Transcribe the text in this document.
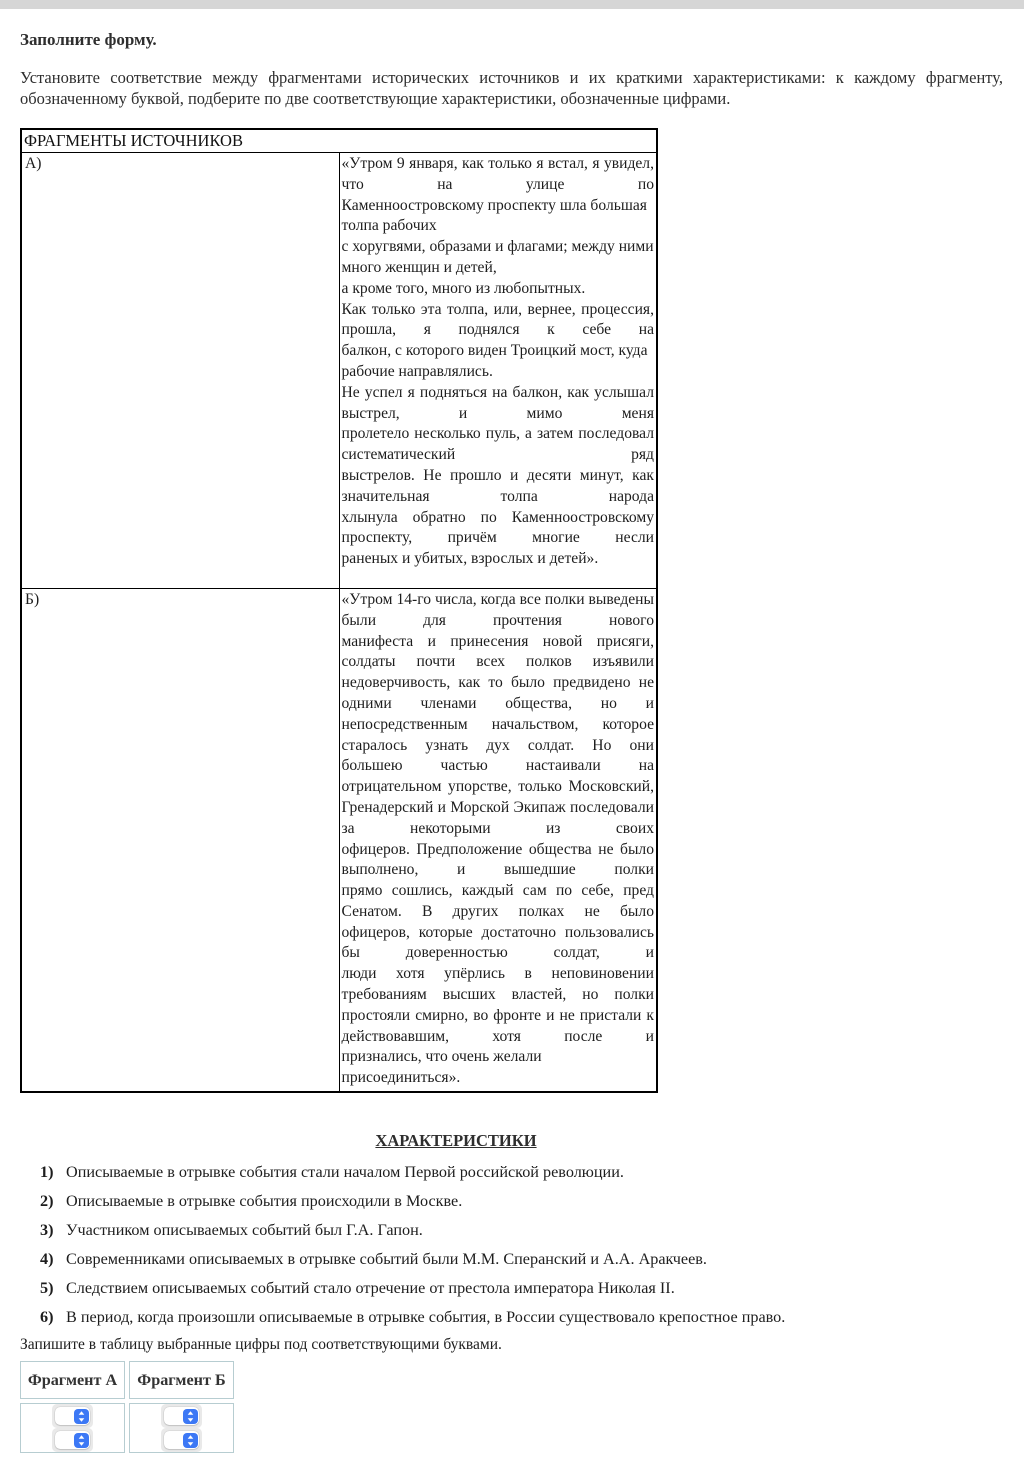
Заполните форму.

Установите соответствие между фрагментами исторических источников и их краткими характеристиками: к каждому фрагменту, обозначенному буквой, подберите по две соответствующие характеристики, обозначенные цифрами.

ФРАГМЕНТЫ ИСТОЧНИКОВ	
А)	«Утром 9 января, как только я встал, я увидел, что на улице по
Каменноостровскому проспекту шла большая толпа рабочих
с хоругвями, образами и флагами; между ними много женщин и детей,
а кроме того, много из любопытных.
Как только эта толпа, или, вернее, процессия, прошла, я поднялся к себе на
балкон, с которого виден Троицкий мост, куда рабочие направлялись.
Не успел я подняться на балкон, как услышал выстрел, и мимо меня
пролетело несколько пуль, а затем последовал систематический ряд
выстрелов. Не прошло и десяти минут, как значительная толпа народа
хлынула обратно по Каменноостровскому проспекту, причём многие несли
раненых и убитых, взрослых и детей».

Б)	«Утром 14-го числа, когда все полки выведены были для прочтения нового
манифеста и принесения новой присяги, солдаты почти всех полков изъявили
недоверчивость, как то было предвидено не одними членами общества, но и
непосредственным начальством, которое старалось узнать дух солдат. Но они
большею частью настаивали на отрицательном упорстве, только Московский,
Гренадерский и Морской Экипаж последовали за некоторыми из своих
офицеров. Предположение общества не было выполнено, и вышедшие полки
прямо сошлись, каждый сам по себе, пред Сенатом. В других полках не было
офицеров, которые достаточно пользовались бы доверенностью солдат, и
люди хотя упёрлись в неповиновении требованиям высших властей, но полки
простояли смирно, во фронте и не пристали к действовавшим, хотя после и
признались, что очень желали присоединиться».

ХАРАКТЕРИСТИКИ

1) Описываемые в отрывке события стали началом Первой российской революции.
2) Описываемые в отрывке события происходили в Москве.
3) Участником описываемых событий был Г.А. Гапон.
4) Современниками описываемых в отрывке событий были М.М. Сперанский и А.А. Аракчеев.
5) Следствием описываемых событий стало отречение от престола императора Николая II.
6) В период, когда произошли описываемые в отрывке события, в России существовало крепостное право.

Запишите в таблицу выбранные цифры под соответствующими буквами.

Фрагмент А	Фрагмент Б
